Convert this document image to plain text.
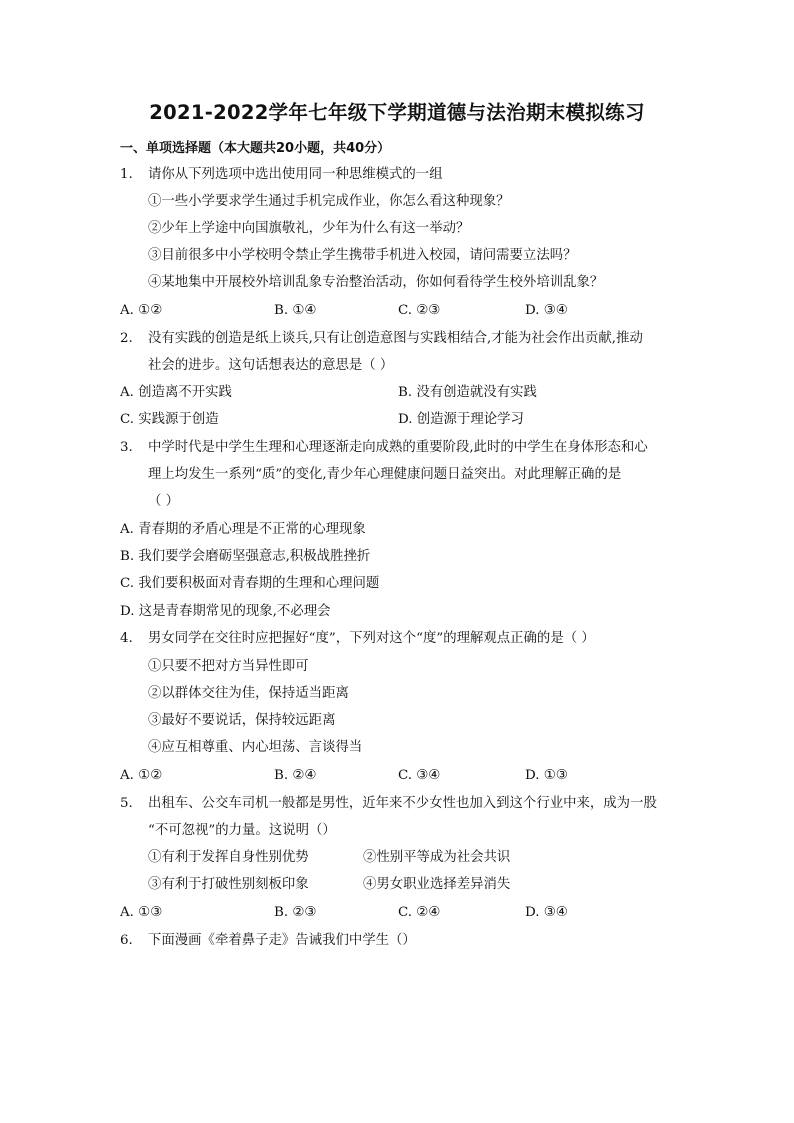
2021-2022学年七年级下学期道德与法治期末模拟练习
一、单项选择题（本大题共20小题，共40分）
1. 请你从下列选项中选出使用同一种思维模式的一组
①一些小学要求学生通过手机完成作业，你怎么看这种现象？
②少年上学途中向国旗敬礼，少年为什么有这一举动？
③目前很多中小学校明令禁止学生携带手机进入校园，请问需要立法吗？
④某地集中开展校外培训乱象专治整治活动，你如何看待学生校外培训乱象？
A. ①②	B. ①④	C. ②③	D. ③④
2. 没有实践的创造是纸上谈兵,只有让创造意图与实践相结合,才能为社会作出贡献,推动
社会的进步。这句话想表达的意思是（ ）
A. 创造离不开实践	B. 没有创造就没有实践
C. 实践源于创造	D. 创造源于理论学习
3. 中学时代是中学生生理和心理逐渐走向成熟的重要阶段,此时的中学生在身体形态和心
理上均发生一系列“质”的变化,青少年心理健康问题日益突出。对此理解正确的是
（ ）
A. 青春期的矛盾心理是不正常的心理现象
B. 我们要学会磨砺坚强意志,积极战胜挫折
C. 我们要积极面对青春期的生理和心理问题
D. 这是青春期常见的现象,不必理会
4. 男女同学在交往时应把握好“度”，下列对这个“度”的理解观点正确的是（ ）
①只要不把对方当异性即可
②以群体交往为佳，保持适当距离
③最好不要说话，保持较远距离
④应互相尊重、内心坦荡、言谈得当
A. ①②	B. ②④	C. ③④	D. ①③
5. 出租车、公交车司机一般都是男性，近年来不少女性也加入到这个行业中来，成为一股
“不可忽视”的力量。这说明（）
①有利于发挥自身性别优势	②性别平等成为社会共识
③有利于打破性别刻板印象	④男女职业选择差异消失
A. ①③	B. ②③	C. ②④	D. ③④
6. 下面漫画《牵着鼻子走》告诫我们中学生（）
